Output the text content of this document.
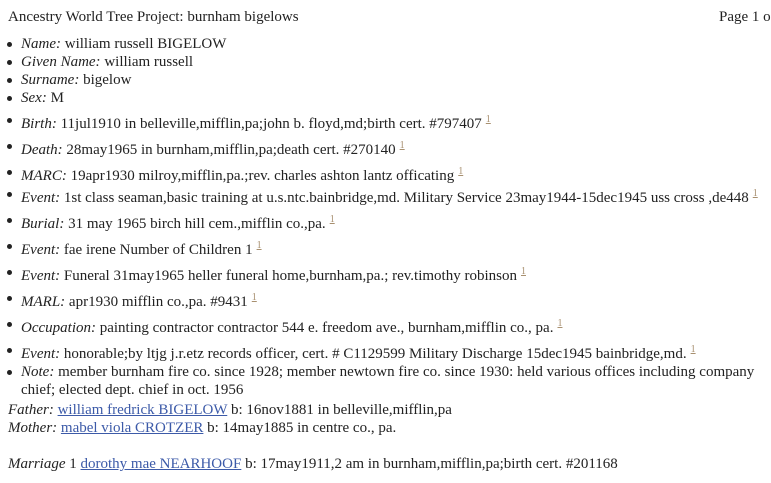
Ancestry World Tree Project: burnham bigelows	Page 1 o
Name: william russell BIGELOW
Given Name: william russell
Surname: bigelow
Sex: M
Birth: 11jul1910 in belleville,mifflin,pa;john b. floyd,md;birth cert. #797407 $^1$
Death: 28may1965 in burnham,mifflin,pa;death cert. #270140 $^1$
MARC: 19apr1930 milroy,mifflin,pa.;rev. charles ashton lantz officating $^1$
Event: 1st class seaman,basic training at u.s.ntc.bainbridge,md. Military Service 23may1944-15dec1945 uss cross ,de448 $^1$
Burial: 31 may 1965 birch hill cem.,mifflin co.,pa. $^1$
Event: fae irene Number of Children 1 $^1$
Event: Funeral 31may1965 heller funeral home,burnham,pa.; rev.timothy robinson $^1$
MARL: apr1930 mifflin co.,pa. #9431 $^1$
Occupation: painting contractor contractor 544 e. freedom ave., burnham,mifflin co., pa. $^1$
Event: honorable;by ltjg j.r.etz records officer, cert. # C1129599 Military Discharge 15dec1945 bainbridge,md. $^1$
Note: member burnham fire co. since 1928; member newtown fire co. since 1930: held various offices including company chief; elected dept. chief in oct. 1956
Father: william fredrick BIGELOW b: 16nov1881 in belleville,mifflin,pa
Mother: mabel viola CROTZER b: 14may1885 in centre co., pa.
Marriage 1 dorothy mae NEARHOOF b: 17may1911,2 am in burnham,mifflin,pa;birth cert. #201168
